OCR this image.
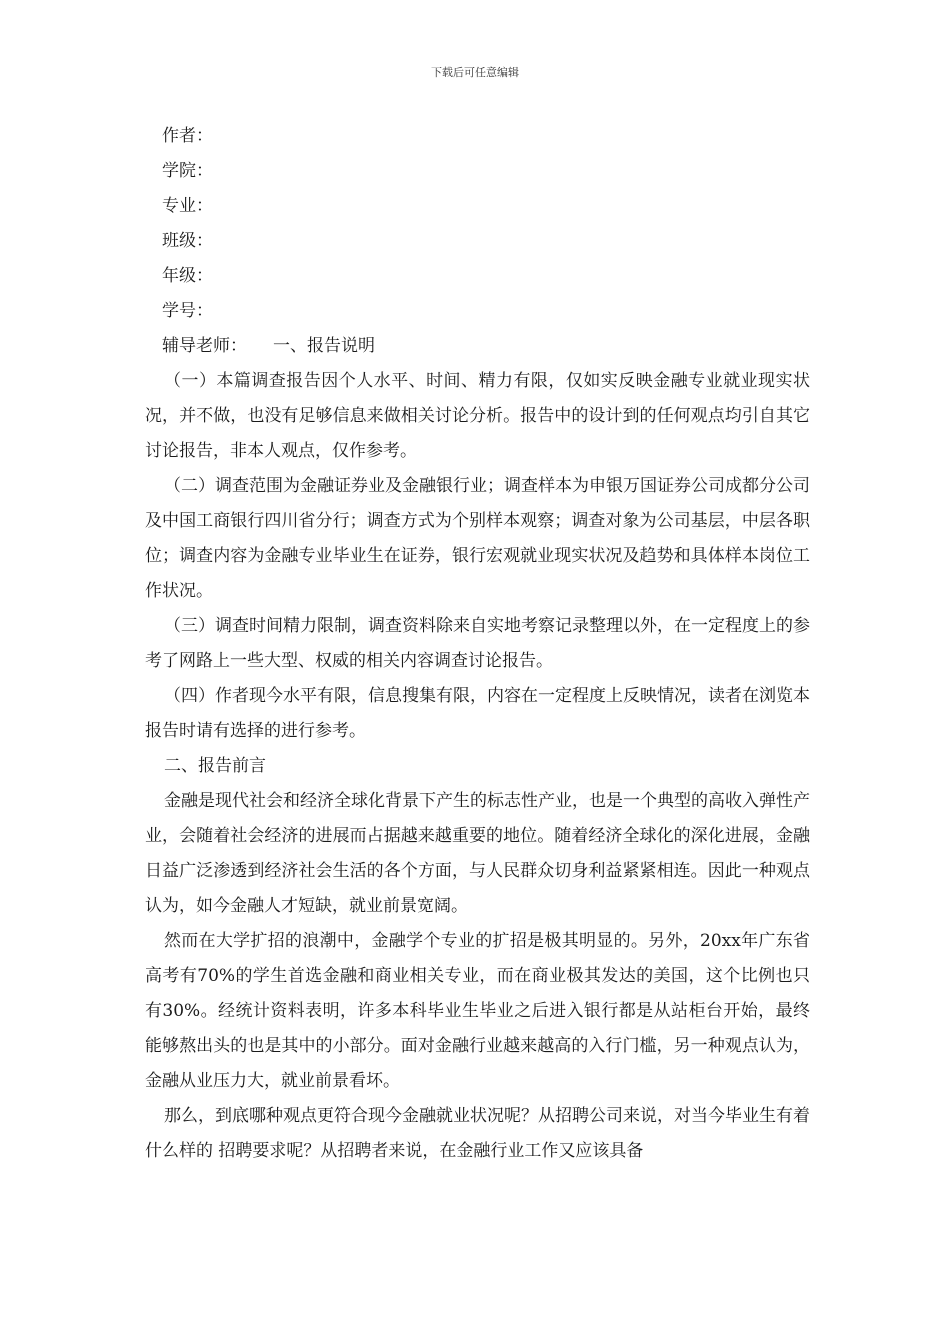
下载后可任意编辑

作者：

学院：

专业：

班级：

年级：

学号：

辅导老师： 一、报告说明

（一）本篇调查报告因个人水平、时间、精力有限，仅如实反映金融专业就业现实状况，并不做，也没有足够信息来做相关讨论分析。报告中的设计到的任何观点均引自其它讨论报告，非本人观点，仅作参考。

（二）调查范围为金融证券业及金融银行业；调查样本为申银万国证券公司成都分公司及中国工商银行四川省分行；调查方式为个别样本观察；调查对象为公司基层，中层各职位；调查内容为金融专业毕业生在证券，银行宏观就业现实状况及趋势和具体样本岗位工作状况。

（三）调查时间精力限制，调查资料除来自实地考察记录整理以外，在一定程度上的参考了网路上一些大型、权威的相关内容调查讨论报告。

（四）作者现今水平有限，信息搜集有限，内容在一定程度上反映情况，读者在浏览本报告时请有选择的进行参考。

二、报告前言

金融是现代社会和经济全球化背景下产生的标志性产业，也是一个典型的高收入弹性产业，会随着社会经济的进展而占据越来越重要的地位。随着经济全球化的深化进展，金融日益广泛渗透到经济社会生活的各个方面，与人民群众切身利益紧紧相连。因此一种观点认为，如今金融人才短缺，就业前景宽阔。

然而在大学扩招的浪潮中，金融学个专业的扩招是极其明显的。另外，20xx年广东省高考有70%的学生首选金融和商业相关专业，而在商业极其发达的美国，这个比例也只有30%。经统计资料表明，许多本科毕业生毕业之后进入银行都是从站柜台开始，最终能够熬出头的也是其中的小部分。面对金融行业越来越高的入行门槛，另一种观点认为，金融从业压力大，就业前景看坏。

那么，到底哪种观点更符合现今金融就业状况呢？从招聘公司来说，对当今毕业生有着什么样的 招聘要求呢？从招聘者来说，在金融行业工作又应该具备
